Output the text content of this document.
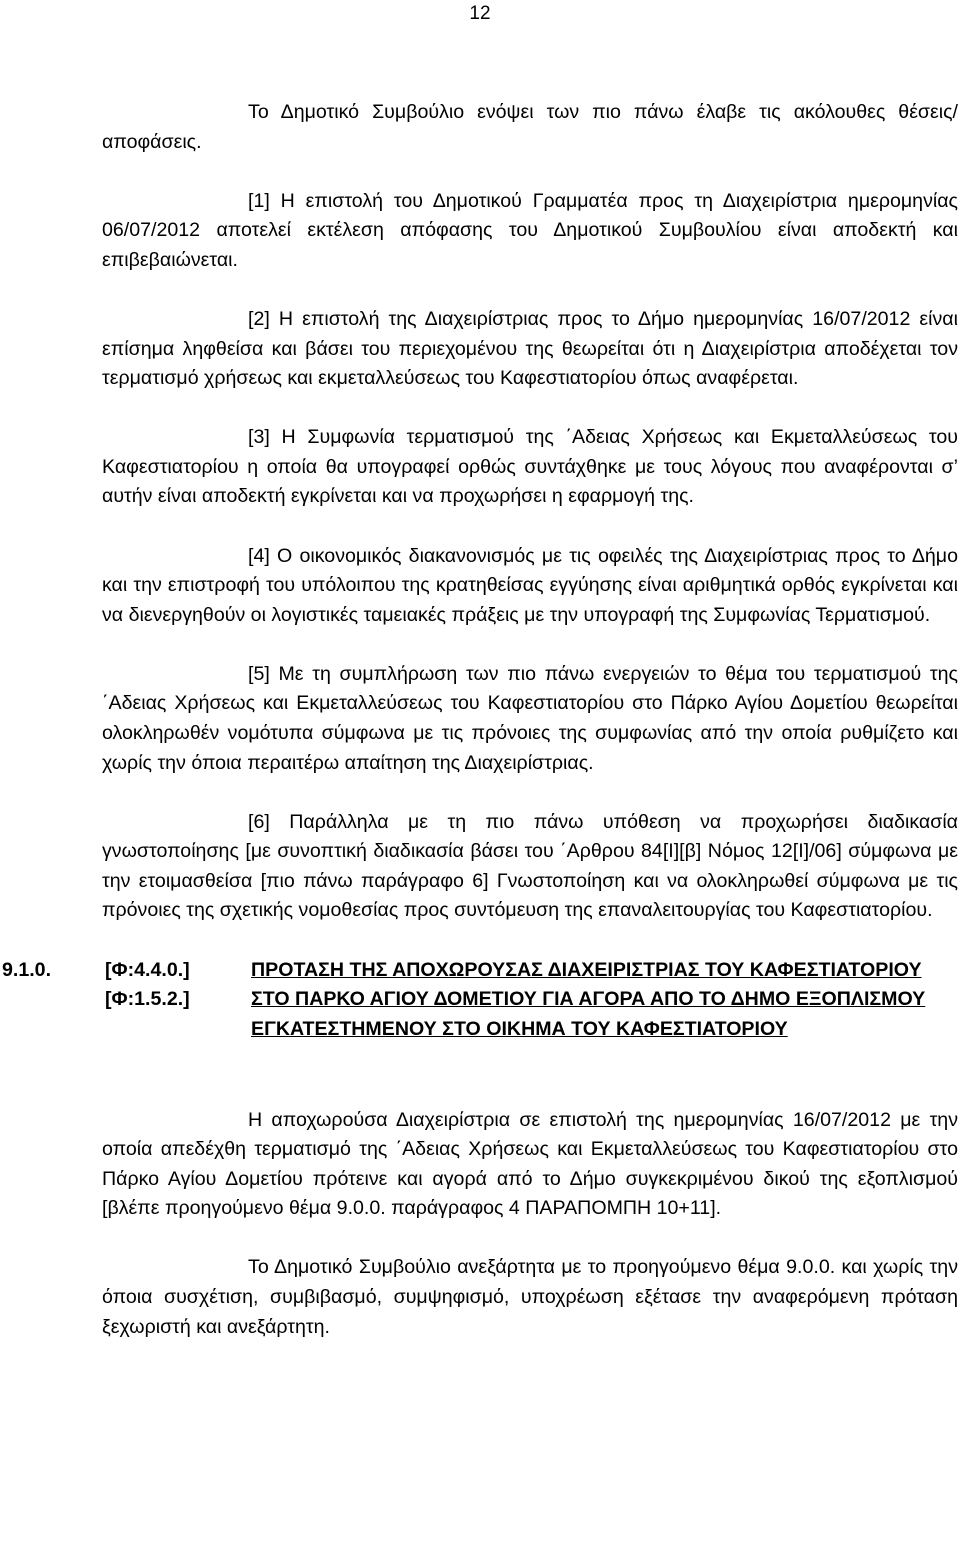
12

Το Δημοτικό Συμβούλιο ενόψει των πιο πάνω έλαβε τις ακόλουθες θέσεις/αποφάσεις.

[1] Η επιστολή του Δημοτικού Γραμματέα προς τη Διαχειρίστρια ημερομηνίας 06/07/2012 αποτελεί εκτέλεση απόφασης του Δημοτικού Συμβουλίου είναι αποδεκτή και επιβεβαιώνεται.

[2] Η επιστολή της Διαχειρίστριας προς το Δήμο ημερομηνίας 16/07/2012 είναι επίσημα ληφθείσα και βάσει του περιεχομένου της θεωρείται ότι η Διαχειρίστρια αποδέχεται τον τερματισμό χρήσεως και εκμεταλλεύσεως του Καφεστιατορίου όπως αναφέρεται.

[3] Η Συμφωνία τερματισμού της ΄Αδειας Χρήσεως και Εκμεταλλεύσεως του Καφεστιατορίου η οποία θα υπογραφεί ορθώς συντάχθηκε με τους λόγους που αναφέρονται σ’ αυτήν είναι αποδεκτή εγκρίνεται και να προχωρήσει η εφαρμογή της.

[4] Ο οικονομικός διακανονισμός με τις οφειλές της Διαχειρίστριας προς το Δήμο και την επιστροφή του υπόλοιπου της κρατηθείσας εγγύησης είναι αριθμητικά ορθός εγκρίνεται και να διενεργηθούν οι λογιστικές ταμειακές πράξεις με την υπογραφή της Συμφωνίας Τερματισμού.

[5] Με τη συμπλήρωση των πιο πάνω ενεργειών το θέμα του τερματισμού της ΄Αδειας Χρήσεως και Εκμεταλλεύσεως του Καφεστιατορίου στο Πάρκο Αγίου Δομετίου θεωρείται ολοκληρωθέν νομότυπα σύμφωνα με τις πρόνοιες της συμφωνίας από την οποία ρυθμίζετο και χωρίς την όποια περαιτέρω απαίτηση της Διαχειρίστριας.

[6] Παράλληλα με τη πιο πάνω υπόθεση να προχωρήσει διαδικασία γνωστοποίησης [με συνοπτική διαδικασία βάσει του ΄Αρθρου 84[Ι][β] Νόμος 12[Ι]/06] σύμφωνα με την ετοιμασθείσα [πιο πάνω παράγραφο 6] Γνωστοποίηση και να ολοκληρωθεί σύμφωνα με τις πρόνοιες της σχετικής νομοθεσίας προς συντόμευση της επαναλειτουργίας του Καφεστιατορίου.

9.1.0.	[Φ:4.4.0.]
[Φ:1.5.2.]
ΠΡΟΤΑΣΗ ΤΗΣ ΑΠΟΧΩΡΟΥΣΑΣ ΔΙΑΧΕΙΡΙΣΤΡΙΑΣ ΤΟΥ ΚΑΦΕΣΤΙΑΤΟΡΙΟΥ ΣΤΟ ΠΑΡΚΟ ΑΓΙΟΥ ΔΟΜΕΤΙΟΥ ΓΙΑ ΑΓΟΡΑ ΑΠΟ ΤΟ ΔΗΜΟ ΕΞΟΠΛΙΣΜΟΥ ΕΓΚΑΤΕΣΤΗΜΕΝΟΥ ΣΤΟ ΟΙΚΗΜΑ ΤΟΥ ΚΑΦΕΣΤΙΑΤΟΡΙΟΥ

Η αποχωρούσα Διαχειρίστρια σε επιστολή της ημερομηνίας 16/07/2012 με την οποία απεδέχθη τερματισμό της ΄Αδειας Χρήσεως και Εκμεταλλεύσεως του Καφεστιατορίου στο Πάρκο Αγίου Δομετίου πρότεινε και αγορά από το Δήμο συγκεκριμένου δικού της εξοπλισμού [βλέπε προηγούμενο θέμα 9.0.0. παράγραφος 4 ΠΑΡΑΠΟΜΠΗ 10+11].

Το Δημοτικό Συμβούλιο ανεξάρτητα με το προηγούμενο θέμα 9.0.0. και χωρίς την όποια συσχέτιση, συμβιβασμό, συμψηφισμό, υποχρέωση εξέτασε την αναφερόμενη πρόταση ξεχωριστή και ανεξάρτητη.
